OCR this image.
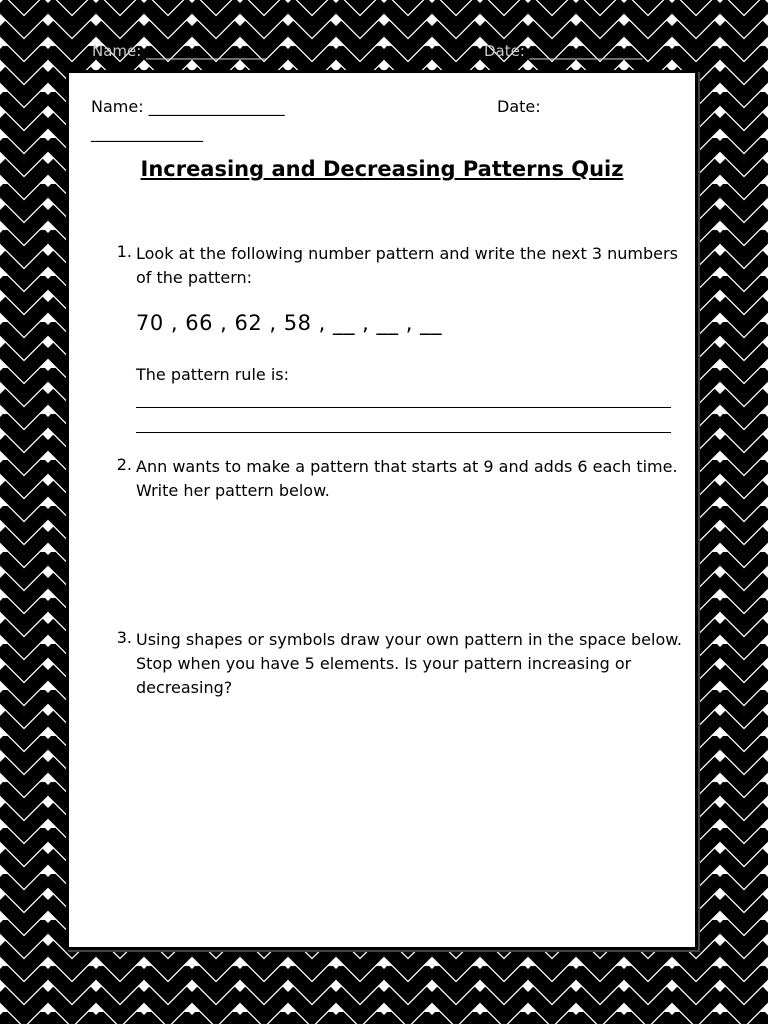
Name: ________________	Date: _______________
Name: _________________	Date:
______________
Increasing and Decreasing Patterns Quiz
1. Look at the following number pattern and write the next 3 numbers of the pattern:
70 , 66 , 62 , 58 , __ , __ , __
The pattern rule is:
2. Ann wants to make a pattern that starts at 9 and adds 6 each time. Write her pattern below.
3. Using shapes or symbols draw your own pattern in the space below. Stop when you have 5 elements. Is your pattern increasing or decreasing?
